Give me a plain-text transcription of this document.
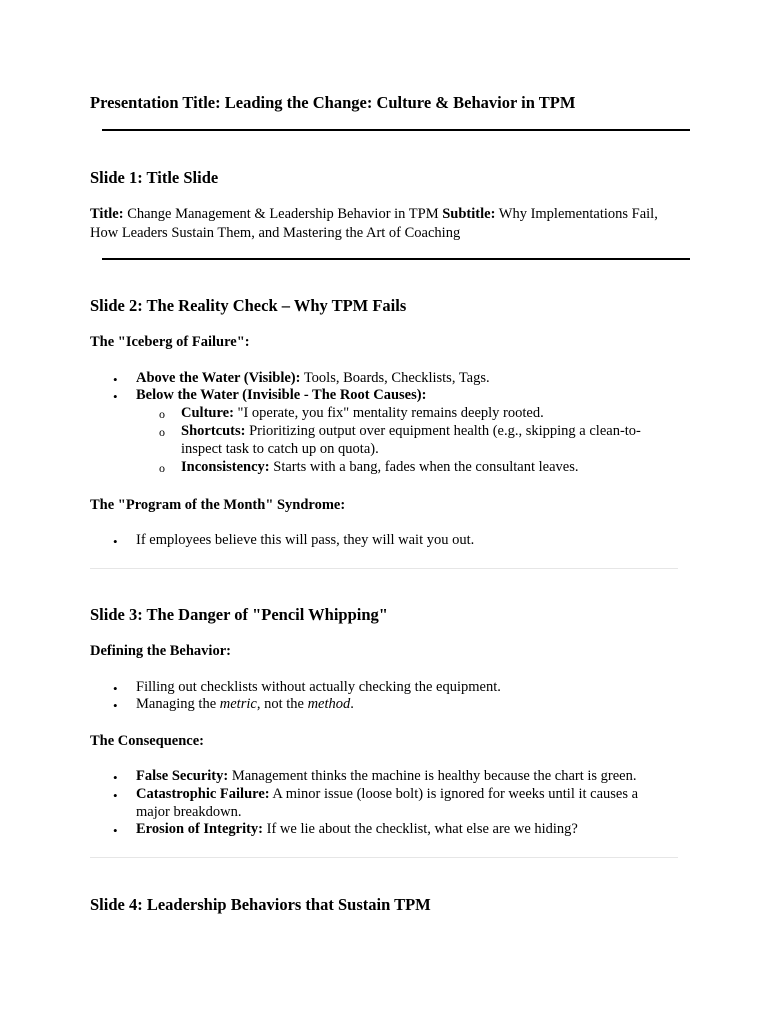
Presentation Title: Leading the Change: Culture & Behavior in TPM
Slide 1: Title Slide
Title: Change Management & Leadership Behavior in TPM Subtitle: Why Implementations Fail, How Leaders Sustain Them, and Mastering the Art of Coaching
Slide 2: The Reality Check – Why TPM Fails
The "Iceberg of Failure":
• Above the Water (Visible): Tools, Boards, Checklists, Tags.
• Below the Water (Invisible - The Root Causes):
o Culture: "I operate, you fix" mentality remains deeply rooted.
o Shortcuts: Prioritizing output over equipment health (e.g., skipping a clean-to-inspect task to catch up on quota).
o Inconsistency: Starts with a bang, fades when the consultant leaves.
The "Program of the Month" Syndrome:
• If employees believe this will pass, they will wait you out.
Slide 3: The Danger of "Pencil Whipping"
Defining the Behavior:
• Filling out checklists without actually checking the equipment.
• Managing the metric, not the method.
The Consequence:
• False Security: Management thinks the machine is healthy because the chart is green.
• Catastrophic Failure: A minor issue (loose bolt) is ignored for weeks until it causes a major breakdown.
• Erosion of Integrity: If we lie about the checklist, what else are we hiding?
Slide 4: Leadership Behaviors that Sustain TPM
